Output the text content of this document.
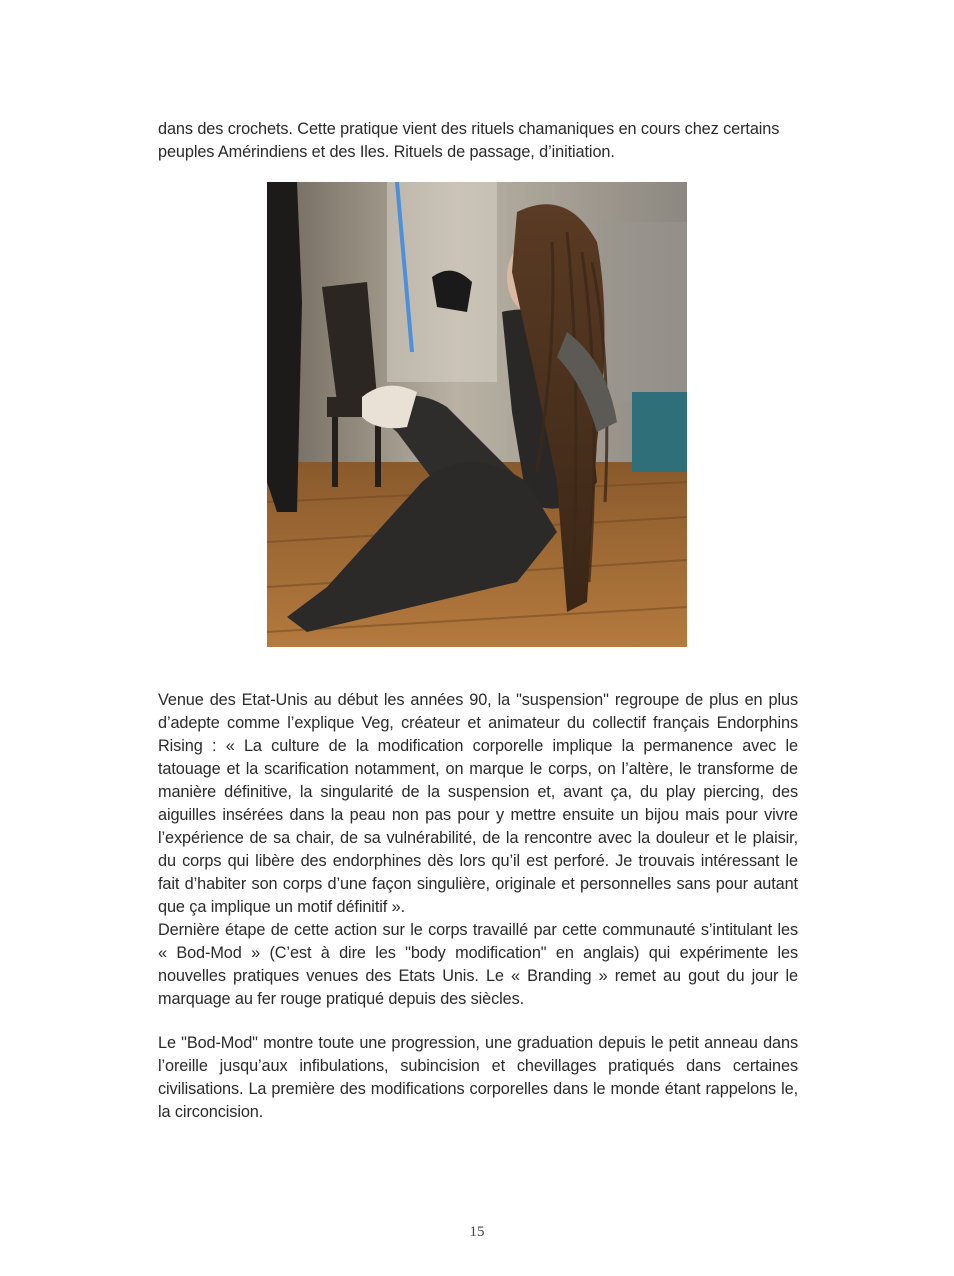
dans des crochets. Cette pratique vient des rituels chamaniques en cours chez certains peuples Amérindiens et des Iles. Rituels de passage, d’initiation.

Venue des Etat-Unis au début les années 90, la "suspension" regroupe de plus en plus d’adepte comme l’explique Veg, créateur et animateur du collectif français Endorphins Rising : « La culture de la modification corporelle implique la permanence avec le tatouage et la scarification notamment, on marque le corps, on l’altère, le transforme de manière définitive, la singularité de la suspension et, avant ça, du play piercing, des aiguilles insérées dans la peau non pas pour y mettre ensuite un bijou mais pour vivre l’expérience de sa chair, de sa vulnérabilité, de la rencontre avec la douleur et le plaisir, du corps qui libère des endorphines dès lors qu’il est perforé. Je trouvais intéressant le fait d’habiter son corps d’une façon singulière, originale et personnelles sans pour autant que ça implique un motif définitif ».
Dernière étape de cette action sur le corps travaillé par cette communauté s’intitulant les « Bod-Mod » (C’est à dire les "body modification" en anglais) qui expérimente les nouvelles pratiques venues des Etats Unis. Le « Branding » remet au gout du jour le marquage au fer rouge pratiqué depuis des siècles.

Le "Bod-Mod" montre toute une progression, une graduation depuis le petit anneau dans l’oreille jusqu’aux infibulations, subincision et chevillages pratiqués dans certaines civilisations. La première des modifications corporelles dans le monde étant rappelons le, la circoncision.

15
